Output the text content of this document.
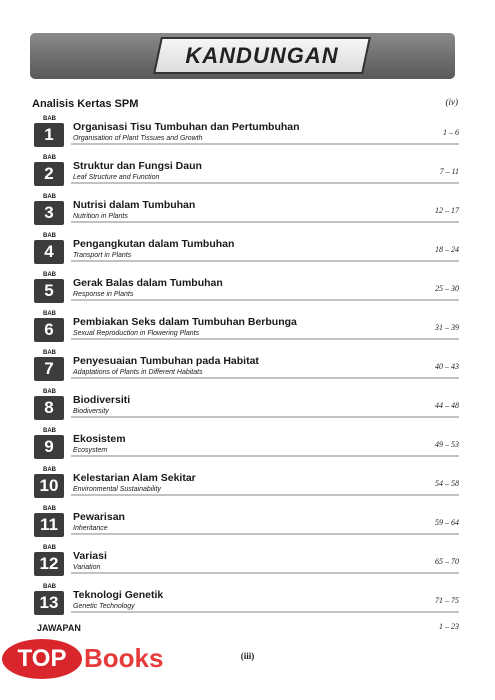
KANDUNGAN
Analisis Kertas SPM	(iv)
BAB
1	Organisasi Tisu Tumbuhan dan Pertumbuhan
Organisation of Plant Tissues and Growth
1 – 6
BAB
2	Struktur dan Fungsi Daun
Leaf Structure and Function
7 – 11
BAB
3	Nutrisi dalam Tumbuhan
Nutrition in Plants
12 – 17
BAB
4	Pengangkutan dalam Tumbuhan
Transport in Plants
18 – 24
BAB
5	Gerak Balas dalam Tumbuhan
Response in Plants
25 – 30
BAB
6	Pembiakan Seks dalam Tumbuhan Berbunga
Sexual Reproduction in Flowering Plants
31 – 39
BAB
7	Penyesuaian Tumbuhan pada Habitat
Adaptations of Plants in Different Habitats
40 – 43
BAB
8	Biodiversiti
Biodiversity
44 – 48
BAB
9	Ekosistem
Ecosystem
49 – 53
BAB
10	Kelestarian Alam Sekitar
Environmental Sustainability
54 – 58
BAB
11	Pewarisan
Inheritance
59 – 64
BAB
12	Variasi
Variation
65 – 70
BAB
13	Teknologi Genetik
Genetic Technology
71 – 75
JAWAPAN	1 – 23
(iii)
TOP Books
